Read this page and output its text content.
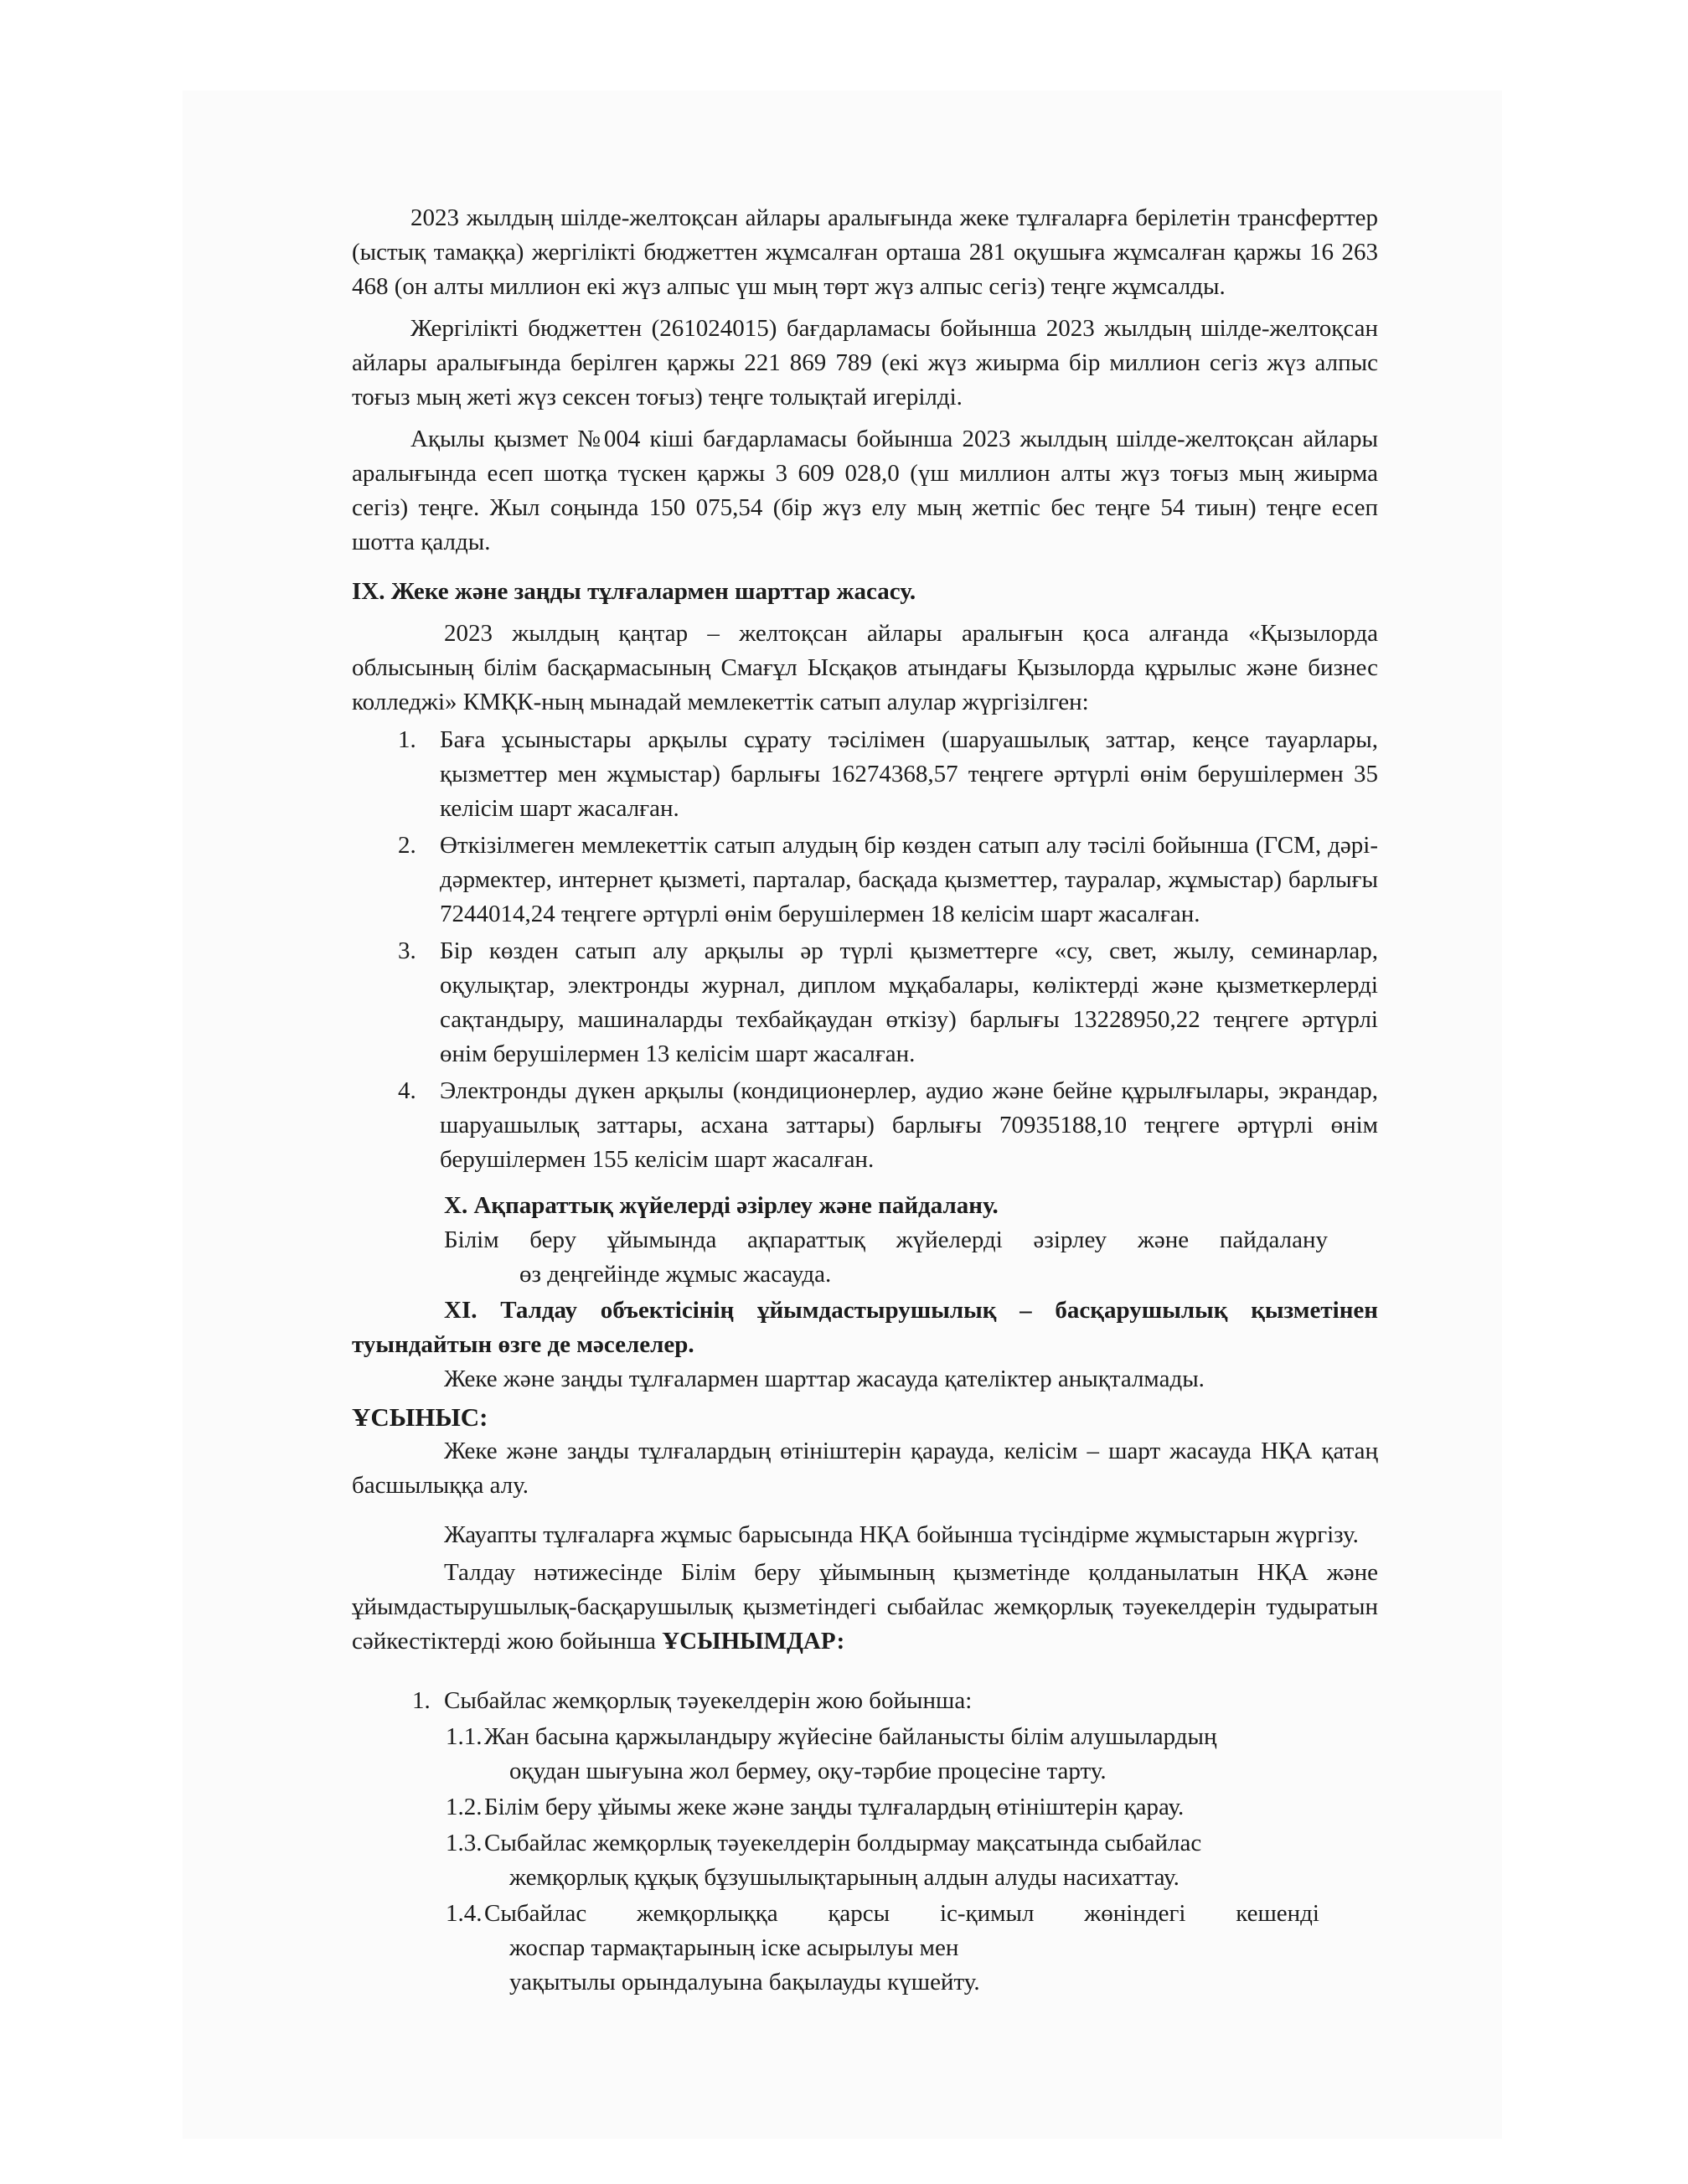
2023 жылдың шілде-желтоқсан айлары аралығында жеке тұлғаларға берілетін трансферттер (ыстық тамаққа) жергілікті бюджеттен жұмсалған орташа 281 оқушыға жұмсалған қаржы 16 263 468 (он алты миллион екі жүз алпыс үш мың төрт жүз алпыс сегіз) теңге жұмсалды.

Жергілікті бюджеттен (261024015) бағдарламасы бойынша 2023 жылдың шілде-желтоқсан айлары аралығында берілген қаржы 221 869 789 (екі жүз жиырма бір миллион сегіз жүз алпыс тоғыз мың жеті жүз сексен тоғыз) теңге толықтай игерілді.

Ақылы қызмет №004 кіші бағдарламасы бойынша 2023 жылдың шілде-желтоқсан айлары аралығында есеп шотқа түскен қаржы 3 609 028,0 (үш миллион алты жүз тоғыз мың жиырма сегіз) теңге. Жыл соңында 150 075,54 (бір жүз елу мың жетпіс бес теңге 54 тиын) теңге есеп шотта қалды.

IX. Жеке және заңды тұлғалармен шарттар жасасу.

2023 жылдың қаңтар – желтоқсан айлары аралығын қоса алғанда «Қызылорда облысының білім басқармасының Смағұл Ысқақов атындағы Қызылорда құрылыс және бизнес колледжі» КМҚК-ның мынадай мемлекеттік сатып алулар жүргізілген:

1. Баға ұсыныстары арқылы сұрату тәсілімен (шаруашылық заттар, кеңсе тауарлары, қызметтер мен жұмыстар) барлығы 16274368,57 теңгеге әртүрлі өнім берушілермен 35 келісім шарт жасалған.
2. Өткізілмеген мемлекеттік сатып алудың бір көзден сатып алу тәсілі бойынша (ГСМ, дәрі-дәрмектер, интернет қызметі, парталар, басқада қызметтер, тауралар, жұмыстар) барлығы 7244014,24 теңгеге әртүрлі өнім берушілермен 18 келісім шарт жасалған.
3. Бір көзден сатып алу арқылы әр түрлі қызметтерге «су, свет, жылу, семинарлар, оқулықтар, электронды журнал, диплом мұқабалары, көліктерді және қызметкерлерді сақтандыру, машиналарды техбайқаудан өткізу) барлығы 13228950,22 теңгеге әртүрлі өнім берушілермен 13 келісім шарт жасалған.
4. Электронды дүкен арқылы (кондиционерлер, аудио және бейне құрылғылары, экрандар, шаруашылық заттары, асхана заттары) барлығы 70935188,10 теңгеге әртүрлі өнім берушілермен 155 келісім шарт жасалған.

X. Ақпараттық жүйелерді әзірлеу және пайдалану.

Білім беру ұйымында ақпараттық жүйелерді әзірлеу және пайдалану

өз деңгейінде жұмыс жасауда.

XI. Талдау объектісінің ұйымдастырушылық – басқарушылық қызметінен туындайтын өзге де мәселелер.

Жеке және заңды тұлғалармен шарттар жасауда қателіктер анықталмады.

ҰСЫНЫС:

Жеке және заңды тұлғалардың өтініштерін қарауда, келісім – шарт жасауда НҚА қатаң басшылыққа алу.

Жауапты тұлғаларға жұмыс барысында НҚА бойынша түсіндірме жұмыстарын жүргізу.

Талдау нәтижесінде Білім беру ұйымының қызметінде қолданылатын НҚА және ұйымдастырушылық-басқарушылық қызметіндегі сыбайлас жемқорлық тәуекелдерін тудыратын сәйкестіктерді жою бойынша ҰСЫНЫМДАР:

1. Сыбайлас жемқорлық тәуекелдерін жою бойынша:
1.1. Жан басына қаржыландыру жүйесіне байланысты білім алушылардың
оқудан шығуына жол бермеу, оқу-тәрбие процесіне тарту.
1.2. Білім беру ұйымы жеке және заңды тұлғалардың өтініштерін қарау.
1.3. Сыбайлас жемқорлық тәуекелдерін болдырмау мақсатында сыбайлас
жемқорлық құқық бұзушылықтарының алдын алуды насихаттау.
1.4. Сыбайлас жемқорлыққа қарсы іс-қимыл жөніндегі кешенді
жоспар тармақтарының іске асырылуы мен уақытылы орындалуына бақылауды күшейту.
